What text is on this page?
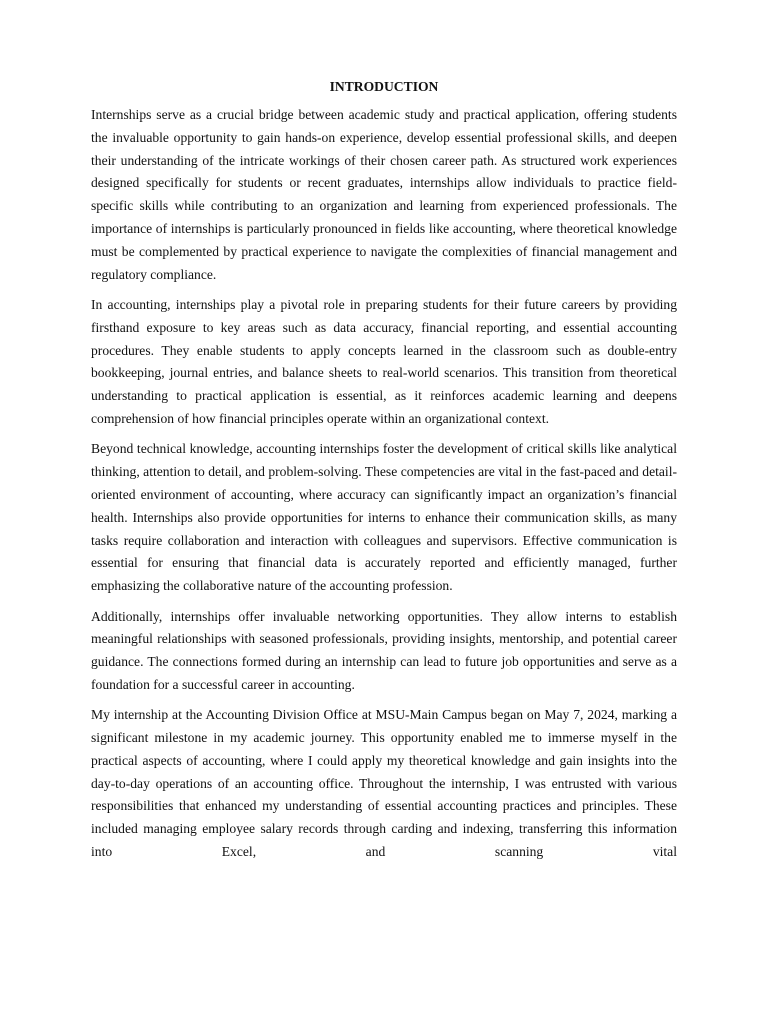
INTRODUCTION

Internships serve as a crucial bridge between academic study and practical application, offering students the invaluable opportunity to gain hands-on experience, develop essential professional skills, and deepen their understanding of the intricate workings of their chosen career path. As structured work experiences designed specifically for students or recent graduates, internships allow individuals to practice field-specific skills while contributing to an organization and learning from experienced professionals. The importance of internships is particularly pronounced in fields like accounting, where theoretical knowledge must be complemented by practical experience to navigate the complexities of financial management and regulatory compliance.

In accounting, internships play a pivotal role in preparing students for their future careers by providing firsthand exposure to key areas such as data accuracy, financial reporting, and essential accounting procedures. They enable students to apply concepts learned in the classroom such as double-entry bookkeeping, journal entries, and balance sheets to real-world scenarios. This transition from theoretical understanding to practical application is essential, as it reinforces academic learning and deepens comprehension of how financial principles operate within an organizational context.

Beyond technical knowledge, accounting internships foster the development of critical skills like analytical thinking, attention to detail, and problem-solving. These competencies are vital in the fast-paced and detail-oriented environment of accounting, where accuracy can significantly impact an organization’s financial health. Internships also provide opportunities for interns to enhance their communication skills, as many tasks require collaboration and interaction with colleagues and supervisors. Effective communication is essential for ensuring that financial data is accurately reported and efficiently managed, further emphasizing the collaborative nature of the accounting profession.

Additionally, internships offer invaluable networking opportunities. They allow interns to establish meaningful relationships with seasoned professionals, providing insights, mentorship, and potential career guidance. The connections formed during an internship can lead to future job opportunities and serve as a foundation for a successful career in accounting.

My internship at the Accounting Division Office at MSU-Main Campus began on May 7, 2024, marking a significant milestone in my academic journey. This opportunity enabled me to immerse myself in the practical aspects of accounting, where I could apply my theoretical knowledge and gain insights into the day-to-day operations of an accounting office. Throughout the internship, I was entrusted with various responsibilities that enhanced my understanding of essential accounting practices and principles. These included managing employee salary records through carding and indexing, transferring this information into Excel, and scanning vital
